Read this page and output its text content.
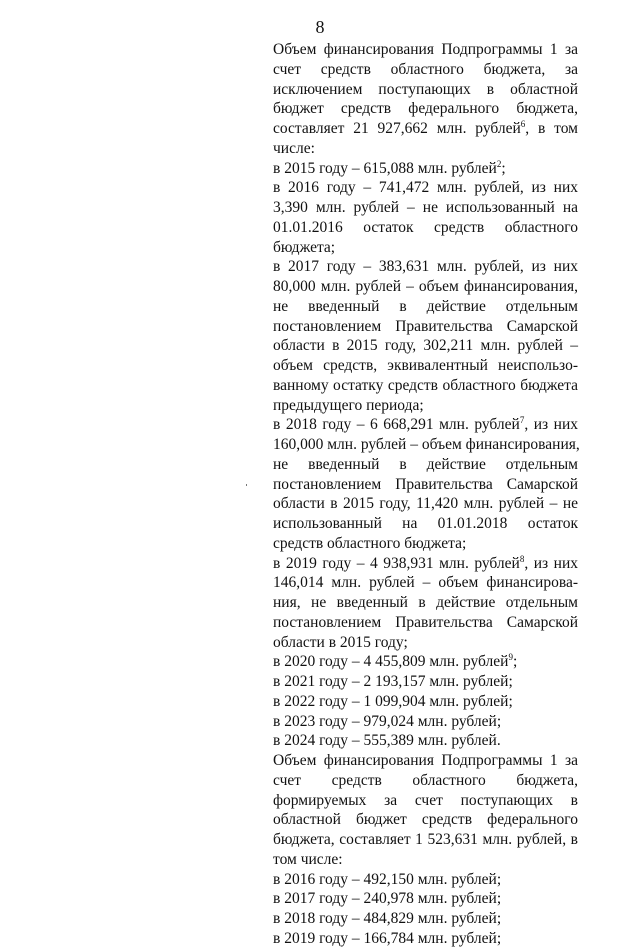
8
Объем финансирования Подпрограммы 1 за
счет средств областного бюджета, за
исключением поступающих в областной
бюджет средств федерального бюджета,
составляет 21 927,662 млн. рублей$^6$, в том
числе:
в 2015 году – 615,088 млн. рублей$^2$;
в 2016 году – 741,472 млн. рублей, из них
3,390 млн. рублей – не использованный на
01.01.2016 остаток средств областного
бюджета;
в 2017 году – 383,631 млн. рублей, из них
80,000 млн. рублей – объем финансирования,
не введенный в действие отдельным
постановлением Правительства Самарской
области в 2015 году, 302,211 млн. рублей –
объем средств, эквивалентный неиспользо-
ванному остатку средств областного бюджета
предыдущего периода;
в 2018 году – 6 668,291 млн. рублей$^7$, из них
160,000 млн. рублей – объем финансирования,
не введенный в действие отдельным
постановлением Правительства Самарской
области в 2015 году, 11,420 млн. рублей – не
использованный на 01.01.2018 остаток
средств областного бюджета;
в 2019 году – 4 938,931 млн. рублей$^8$, из них
146,014 млн. рублей – объем финансирова-
ния, не введенный в действие отдельным
постановлением Правительства Самарской
области в 2015 году;
в 2020 году – 4 455,809 млн. рублей$^9$;
в 2021 году – 2 193,157 млн. рублей;
в 2022 году – 1 099,904 млн. рублей;
в 2023 году – 979,024 млн. рублей;
в 2024 году – 555,389 млн. рублей.
Объем финансирования Подпрограммы 1 за
счет средств областного бюджета,
формируемых за счет поступающих в
областной бюджет средств федерального
бюджета, составляет 1 523,631 млн. рублей, в
том числе:
в 2016 году – 492,150 млн. рублей;
в 2017 году – 240,978 млн. рублей;
в 2018 году – 484,829 млн. рублей;
в 2019 году – 166,784 млн. рублей;
